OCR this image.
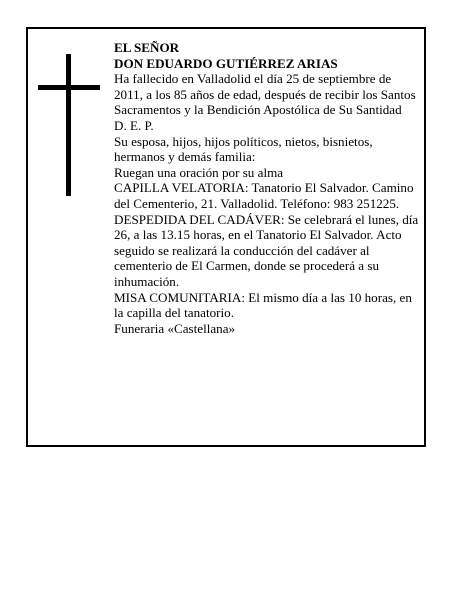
EL SEÑOR

DON EDUARDO GUTIÉRREZ ARIAS

Ha fallecido en Valladolid el día 25 de septiembre de 2011, a los 85 años de edad, después de recibir los Santos Sacramentos y la Bendición Apostólica de Su Santidad

D. E. P.

Su esposa, hijos, hijos políticos, nietos, bisnietos, hermanos y demás familia:

Ruegan una oración por su alma

CAPILLA VELATORIA: Tanatorio El Salvador. Camino del Cementerio, 21. Valladolid. Teléfono: 983 251225.

DESPEDIDA DEL CADÁVER: Se celebrará el lunes, día 26, a las 13.15 horas, en el Tanatorio El Salvador. Acto seguido se realizará la conducción del cadáver al cementerio de El Carmen, donde se procederá a su inhumación.

MISA COMUNITARIA: El mismo día a las 10 horas, en la capilla del tanatorio.

Funeraria «Castellana»
